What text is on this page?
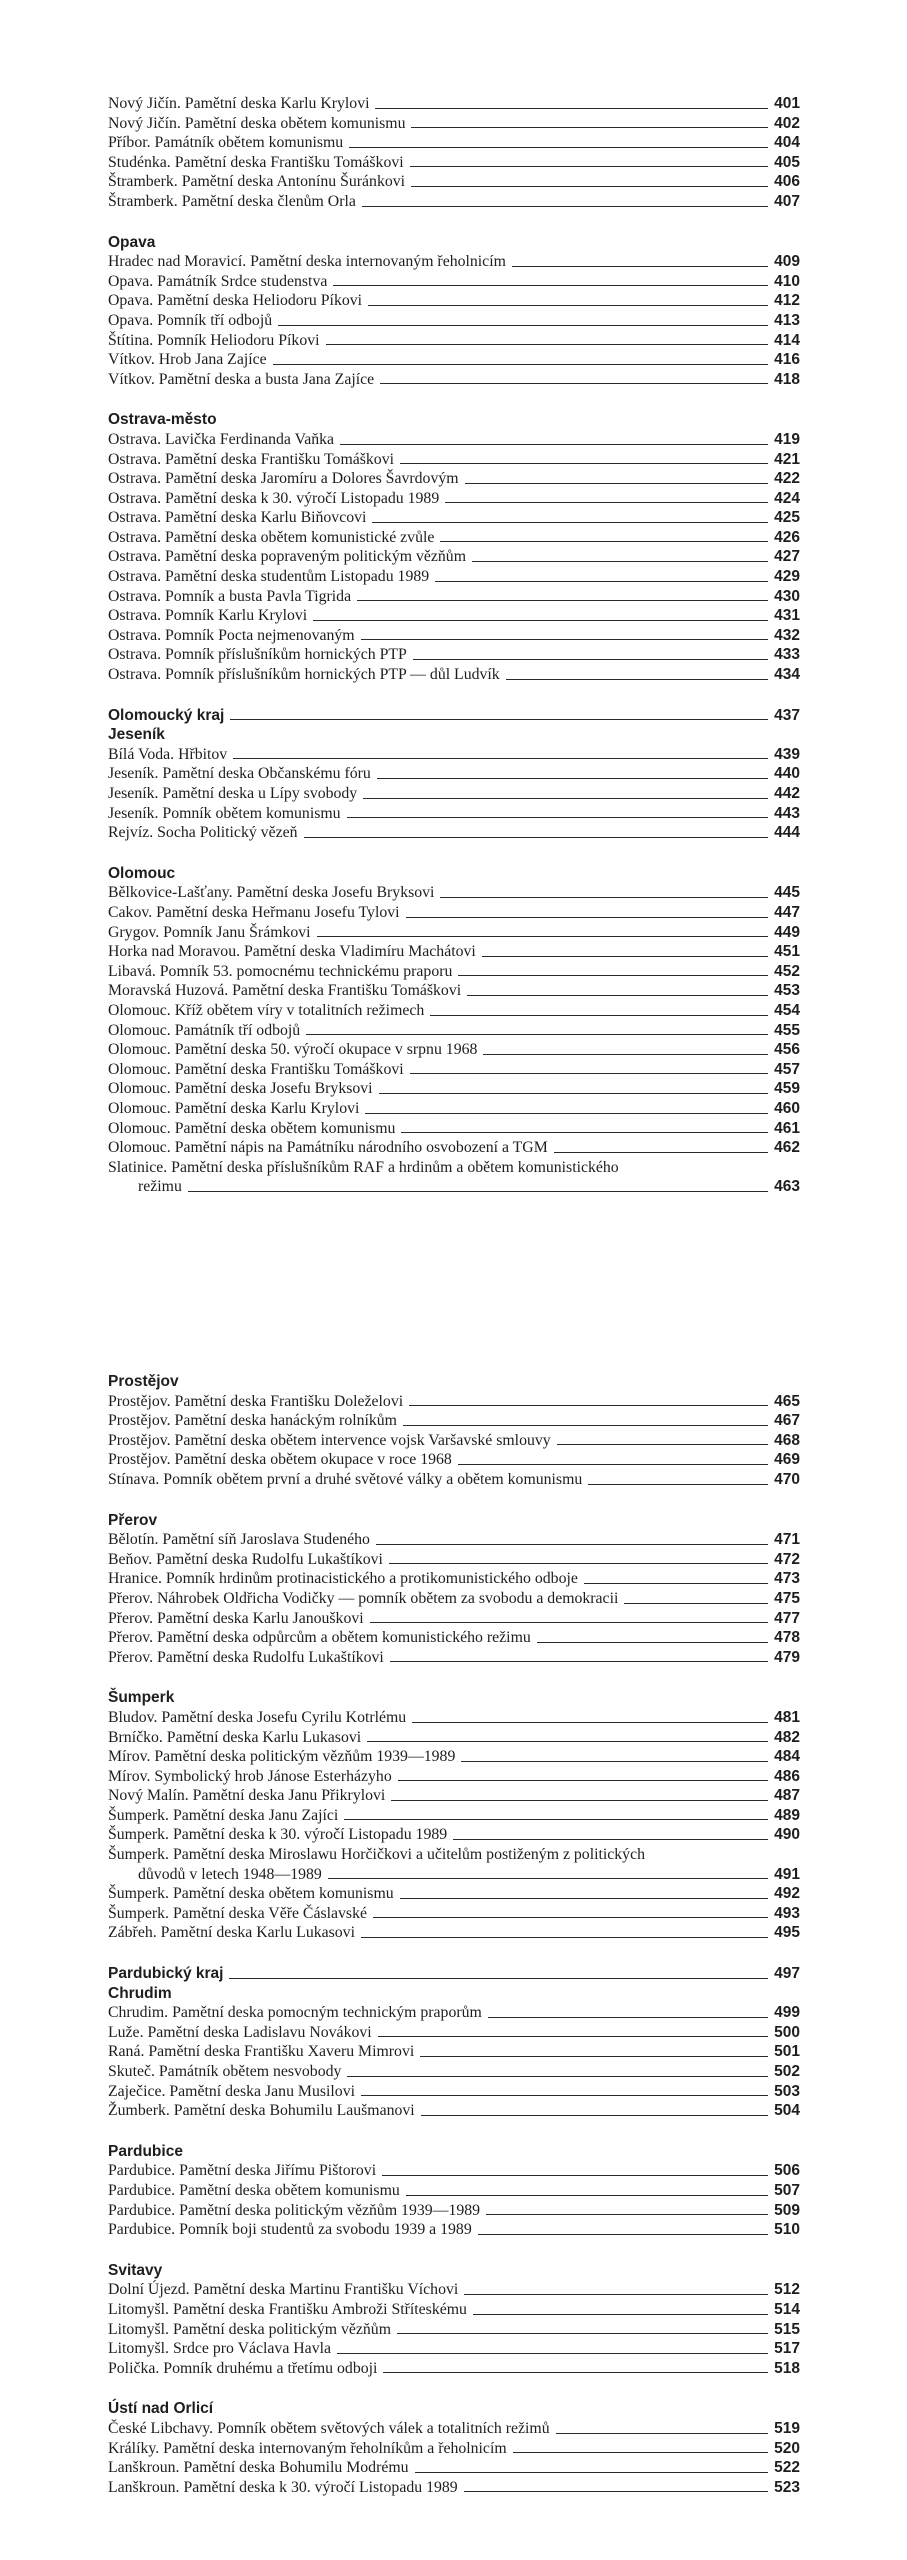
Nový Jičín. Pamětní deska Karlu Krylovi	401
Nový Jičín. Pamětní deska obětem komunismu	402
Příbor. Památník obětem komunismu	404
Studénka. Pamětní deska Františku Tomáškovi	405
Štramberk. Pamětní deska Antonínu Šuránkovi	406
Štramberk. Pamětní deska členům Orla	407
Opava
Hradec nad Moravicí. Pamětní deska internovaným řeholnicím	409
Opava. Památník Srdce studenstva	410
Opava. Pamětní deska Heliodoru Píkovi	412
Opava. Pomník tří odbojů	413
Štítina. Pomník Heliodoru Píkovi	414
Vítkov. Hrob Jana Zajíce	416
Vítkov. Pamětní deska a busta Jana Zajíce	418
Ostrava-město
Ostrava. Lavička Ferdinanda Vaňka	419
Ostrava. Pamětní deska Františku Tomáškovi	421
Ostrava. Pamětní deska Jaromíru a Dolores Šavrdovým	422
Ostrava. Pamětní deska k 30. výročí Listopadu 1989	424
Ostrava. Pamětní deska Karlu Biňovcovi	425
Ostrava. Pamětní deska obětem komunistické zvůle	426
Ostrava. Pamětní deska popraveným politickým vězňům	427
Ostrava. Pamětní deska studentům Listopadu 1989	429
Ostrava. Pomník a busta Pavla Tigrida	430
Ostrava. Pomník Karlu Krylovi	431
Ostrava. Pomník Pocta nejmenovaným	432
Ostrava. Pomník příslušníkům hornických PTP	433
Ostrava. Pomník příslušníkům hornických PTP — důl Ludvík	434
Olomoucký kraj	437
Jeseník
Bílá Voda. Hřbitov	439
Jeseník. Pamětní deska Občanskému fóru	440
Jeseník. Pamětní deska u Lípy svobody	442
Jeseník. Pomník obětem komunismu	443
Rejvíz. Socha Politický vězeň	444
Olomouc
Bělkovice-Lašťany. Pamětní deska Josefu Bryksovi	445
Cakov. Pamětní deska Heřmanu Josefu Tylovi	447
Grygov. Pomník Janu Šrámkovi	449
Horka nad Moravou. Pamětní deska Vladimíru Machátovi	451
Libavá. Pomník 53. pomocnému technickému praporu	452
Moravská Huzová. Pamětní deska Františku Tomáškovi	453
Olomouc. Kříž obětem víry v totalitních režimech	454
Olomouc. Památník tří odbojů	455
Olomouc. Pamětní deska 50. výročí okupace v srpnu 1968	456
Olomouc. Pamětní deska Františku Tomáškovi	457
Olomouc. Pamětní deska Josefu Bryksovi	459
Olomouc. Pamětní deska Karlu Krylovi	460
Olomouc. Pamětní deska obětem komunismu	461
Olomouc. Pamětní nápis na Památníku národního osvobození a TGM	462
Slatinice. Pamětní deska příslušníkům RAF a hrdinům a obětem komunistického
režimu	463
Prostějov
Prostějov. Pamětní deska Františku Doleželovi	465
Prostějov. Pamětní deska hanáckým rolníkům	467
Prostějov. Pamětní deska obětem intervence vojsk Varšavské smlouvy	468
Prostějov. Pamětní deska obětem okupace v roce 1968	469
Stínava. Pomník obětem první a druhé světové války a obětem komunismu	470
Přerov
Bělotín. Pamětní síň Jaroslava Studeného	471
Beňov. Pamětní deska Rudolfu Lukaštíkovi	472
Hranice. Pomník hrdinům protinacistického a protikomunistického odboje	473
Přerov. Náhrobek Oldřicha Vodičky — pomník obětem za svobodu a demokracii	475
Přerov. Pamětní deska Karlu Janouškovi	477
Přerov. Pamětní deska odpůrcům a obětem komunistického režimu	478
Přerov. Pamětní deska Rudolfu Lukaštíkovi	479
Šumperk
Bludov. Pamětní deska Josefu Cyrilu Kotrlému	481
Brníčko. Pamětní deska Karlu Lukasovi	482
Mírov. Pamětní deska politickým vězňům 1939—1989	484
Mírov. Symbolický hrob Jánose Esterházyho	486
Nový Malín. Pamětní deska Janu Přikrylovi	487
Šumperk. Pamětní deska Janu Zajíci	489
Šumperk. Pamětní deska k 30. výročí Listopadu 1989	490
Šumperk. Pamětní deska Miroslawu Horčičkovi a učitelům postiženým z politických
důvodů v letech 1948—1989	491
Šumperk. Pamětní deska obětem komunismu	492
Šumperk. Pamětní deska Věře Čáslavské	493
Zábřeh. Pamětní deska Karlu Lukasovi	495
Pardubický kraj	497
Chrudim
Chrudim. Pamětní deska pomocným technickým praporům	499
Luže. Pamětní deska Ladislavu Novákovi	500
Raná. Pamětní deska Františku Xaveru Mimrovi	501
Skuteč. Památník obětem nesvobody	502
Zaječice. Pamětní deska Janu Musilovi	503
Žumberk. Pamětní deska Bohumilu Laušmanovi	504
Pardubice
Pardubice. Pamětní deska Jiřímu Pištorovi	506
Pardubice. Pamětní deska obětem komunismu	507
Pardubice. Pamětní deska politickým vězňům 1939—1989	509
Pardubice. Pomník boji studentů za svobodu 1939 a 1989	510
Svitavy
Dolní Újezd. Pamětní deska Martinu Františku Víchovi	512
Litomyšl. Pamětní deska Františku Ambroži Stříteskému	514
Litomyšl. Pamětní deska politickým vězňům	515
Litomyšl. Srdce pro Václava Havla	517
Polička. Pomník druhému a třetímu odboji	518
Ústí nad Orlicí
České Libchavy. Pomník obětem světových válek a totalitních režimů	519
Králíky. Pamětní deska internovaným řeholníkům a řeholnicím	520
Lanškroun. Pamětní deska Bohumilu Modrému	522
Lanškroun. Pamětní deska k 30. výročí Listopadu 1989	523
